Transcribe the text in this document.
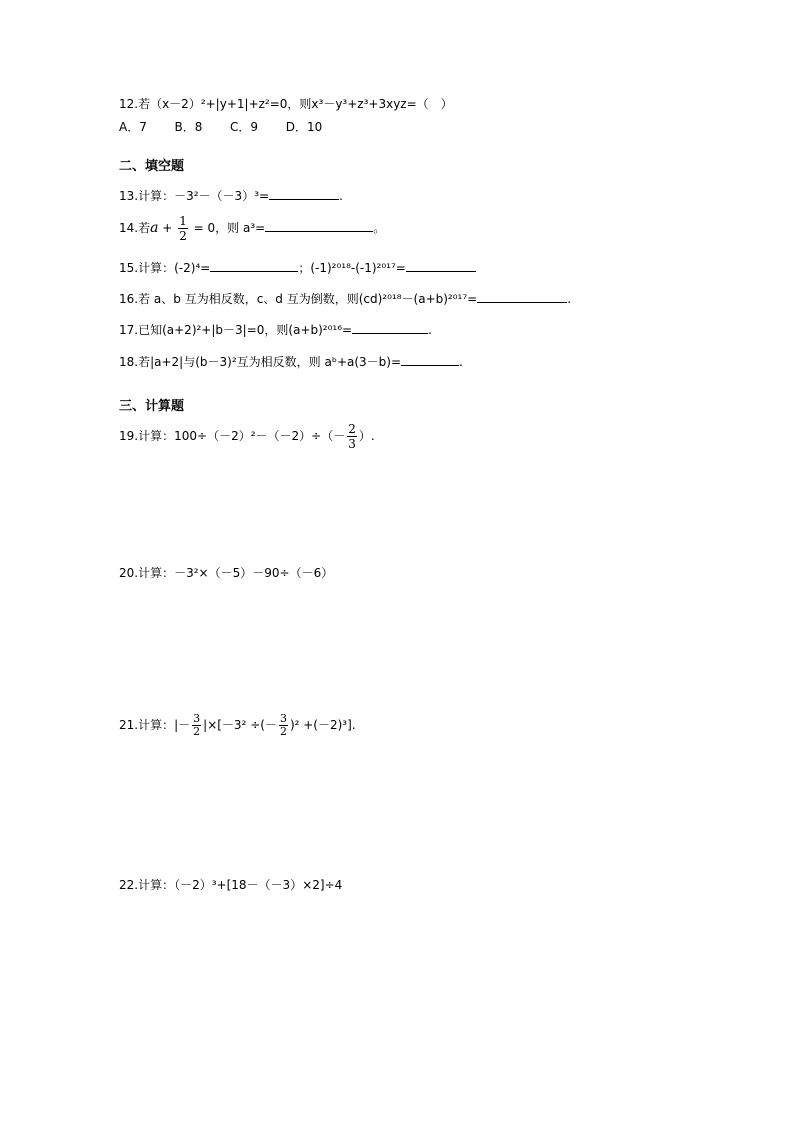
12.若（x－2）²+|y+1|+z²=0，则x³－y³+z³+3xyz=（　）
A．7 B．8 C．9 D．10
二、填空题
13.计算：－3²－（－3）³=	.
14.若$a + \frac{1}{2} = 0$，则 a³=	。
15.计算：(-2)⁴=	；(-1)²⁰¹⁸-(-1)²⁰¹⁷=
16.若 a、b 互为相反数，c、d 互为倒数，则(cd)²⁰¹⁸－(a+b)²⁰¹⁷=	.
17.已知(a+2)²+|b－3|=0，则(a+b)²⁰¹⁶=	.
18.若|a+2|与(b－3)²互为相反数，则 aᵇ+a(3－b)=	.
三、计算题
19.计算：$100\div(-2)^2-(-2)\div(- \frac{2}{3}$ ）.
20.计算：－3²×（－5）－90÷（－6）
21.计算：|－ $\frac{3}{2} |\times[-3^2$ ÷(－ $\frac{3}{2} )^2 +(-2)^3$].
22.计算：（－2）³+[18－（－3）×2]÷4
